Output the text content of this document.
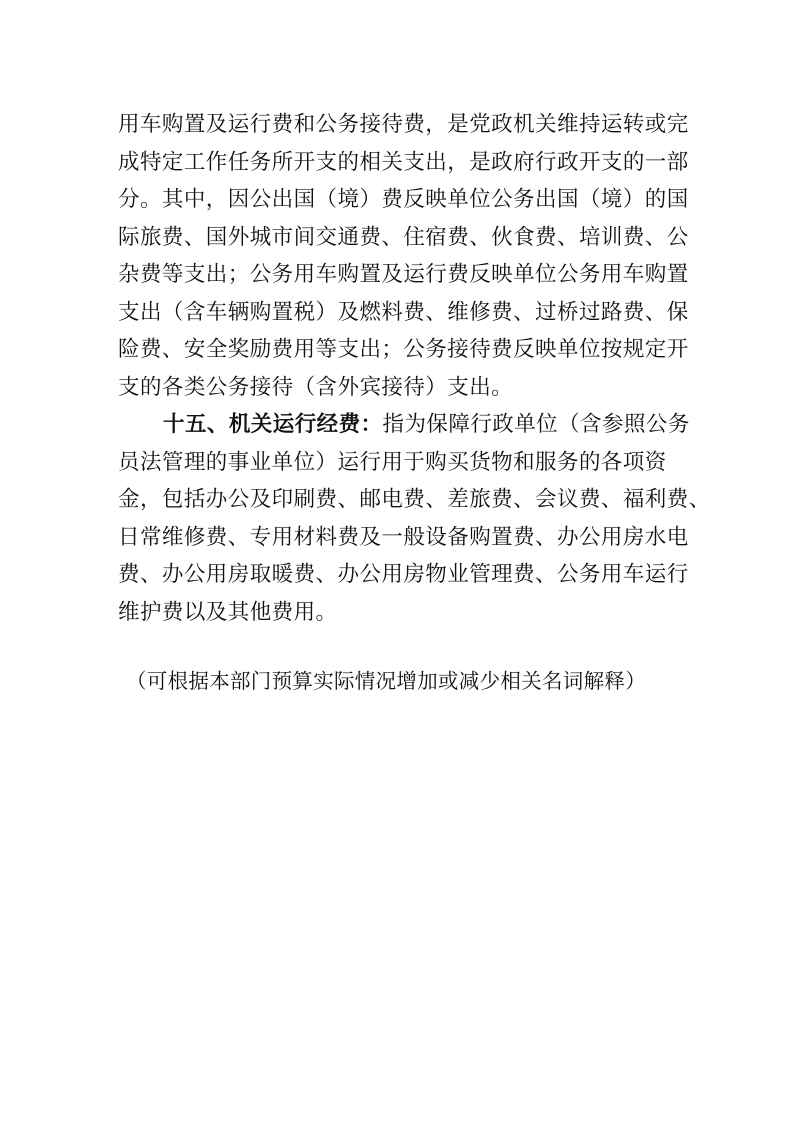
用车购置及运行费和公务接待费，是党政机关维持运转或完
成特定工作任务所开支的相关支出，是政府行政开支的一部
分。其中，因公出国（境）费反映单位公务出国（境）的国
际旅费、国外城市间交通费、住宿费、伙食费、培训费、公
杂费等支出；公务用车购置及运行费反映单位公务用车购置
支出（含车辆购置税）及燃料费、维修费、过桥过路费、保
险费、安全奖励费用等支出；公务接待费反映单位按规定开
支的各类公务接待（含外宾接待）支出。
十五、机关运行经费：指为保障行政单位（含参照公务
员法管理的事业单位）运行用于购买货物和服务的各项资
金，包括办公及印刷费、邮电费、差旅费、会议费、福利费、
日常维修费、专用材料费及一般设备购置费、办公用房水电
费、办公用房取暖费、办公用房物业管理费、公务用车运行
维护费以及其他费用。
（可根据本部门预算实际情况增加或减少相关名词解释）
